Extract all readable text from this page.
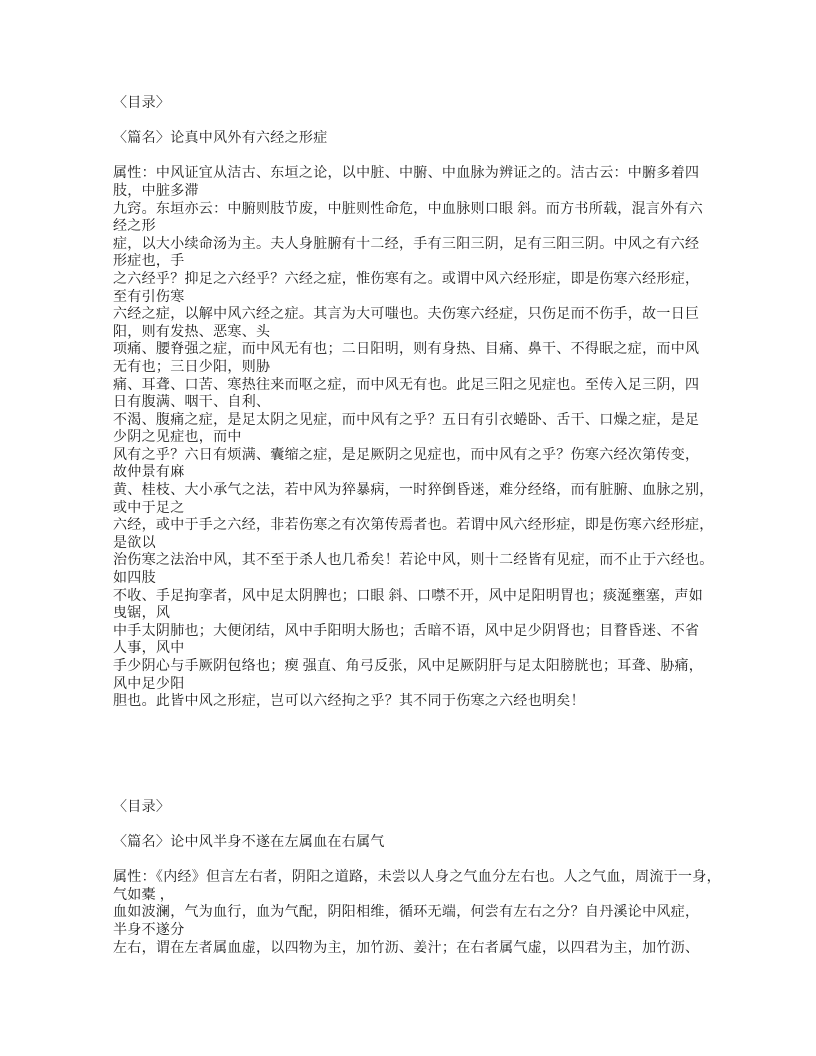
〈目录〉
〈篇名〉论真中风外有六经之形症
属性：中风证宜从洁古、东垣之论，以中脏、中腑、中血脉为辨证之的。洁古云：中腑多着四
肢，中脏多滞
九窍。东垣亦云：中腑则肢节废，中脏则性命危，中血脉则口眼 斜。而方书所载，混言外有六
经之形
症，以大小续命汤为主。夫人身脏腑有十二经，手有三阳三阴，足有三阳三阴。中风之有六经
形症也，手
之六经乎？抑足之六经乎？六经之症，惟伤寒有之。或谓中风六经形症，即是伤寒六经形症，
至有引伤寒
六经之症，以解中风六经之症。其言为大可嗤也。夫伤寒六经症，只伤足而不伤手，故一日巨
阳，则有发热、恶寒、头
项痛、腰脊强之症，而中风无有也；二日阳明，则有身热、目痛、鼻干、不得眠之症，而中风
无有也；三日少阳，则胁
痛、耳聋、口苦、寒热往来而呕之症，而中风无有也。此足三阳之见症也。至传入足三阴，四
日有腹满、咽干、自利、
不渴、腹痛之症，是足太阴之见症，而中风有之乎？五日有引衣蜷卧、舌干、口燥之症，是足
少阴之见症也，而中
风有之乎？六日有烦满、囊缩之症，是足厥阴之见症也，而中风有之乎？伤寒六经次第传变，
故仲景有麻
黄、桂枝、大小承气之法，若中风为猝暴病，一时猝倒昏迷，难分经络，而有脏腑、血脉之别，
或中于足之
六经，或中于手之六经，非若伤寒之有次第传焉者也。若谓中风六经形症，即是伤寒六经形症，
是欲以
治伤寒之法治中风，其不至于杀人也几希矣！若论中风，则十二经皆有见症，而不止于六经也。
如四肢
不收、手足拘挛者，风中足太阴脾也；口眼 斜、口噤不开，风中足阳明胃也；痰涎壅塞，声如
曳锯，风
中手太阴肺也；大便闭结，风中手阳明大肠也；舌暗不语，风中足少阴肾也；目瞀昏迷、不省
人事，风中
手少阴心与手厥阴包络也；瘈 强直、角弓反张，风中足厥阴肝与足太阳膀胱也；耳聋、胁痛，
风中足少阳
胆也。此皆中风之形症，岂可以六经拘之乎？其不同于伤寒之六经也明矣！
〈目录〉
〈篇名〉论中风半身不遂在左属血在右属气
属性：《内经》但言左右者，阴阳之道路，未尝以人身之气血分左右也。人之气血，周流于一身，
气如橐 ，
血如波澜，气为血行，血为气配，阴阳相维，循环无端，何尝有左右之分？自丹溪论中风症，
半身不遂分
左右，谓在左者属血虚，以四物为主，加竹沥、姜汁；在右者属气虚，以四君为主，加竹沥、
